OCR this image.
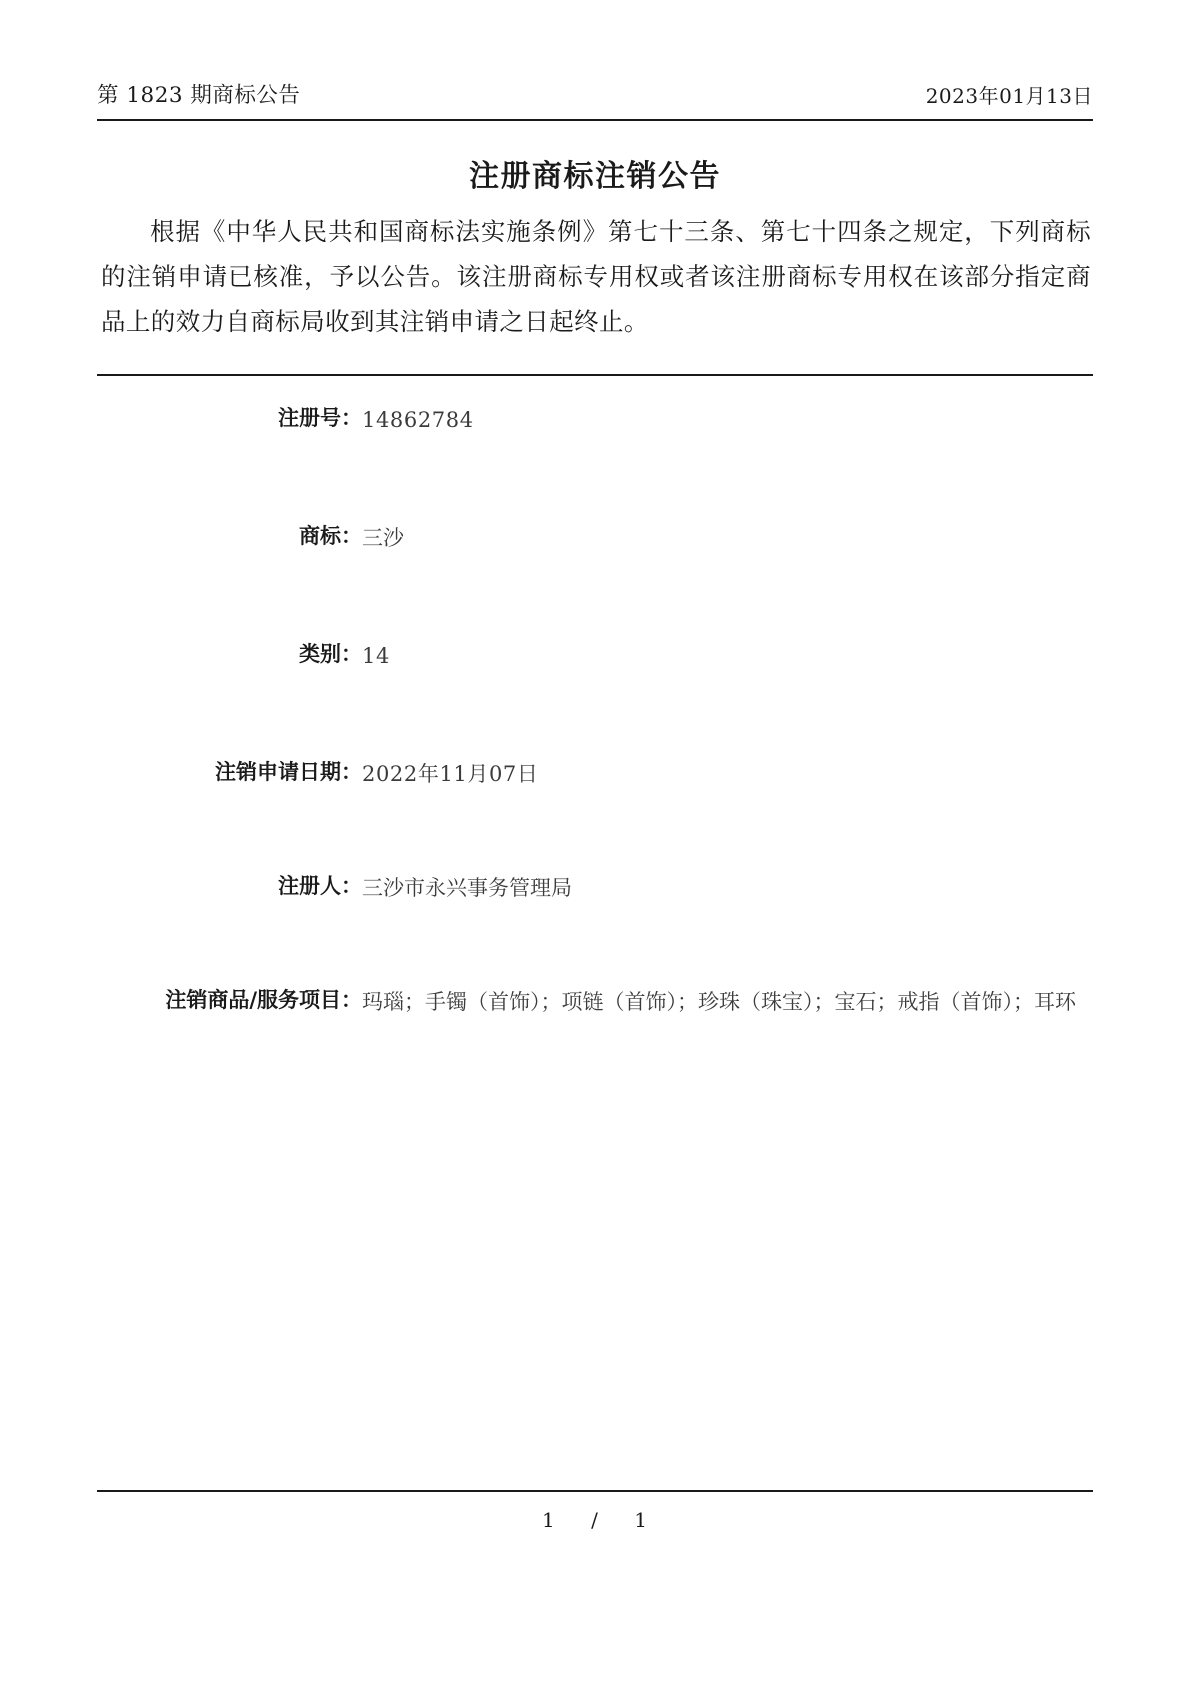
第 1823 期商标公告	2023年01月13日
注册商标注销公告

根据《中华人民共和国商标法实施条例》第七十三条、第七十四条之规定，下列商标的注销申请已核准，予以公告。该注册商标专用权或者该注册商标专用权在该部分指定商品上的效力自商标局收到其注销申请之日起终止。

注册号：	14862784

商标：	三沙

类别：	14

注销申请日期：	2022年11月07日

注册人：	三沙市永兴事务管理局

注销商品/服务项目：	玛瑙；手镯（首饰）；项链（首饰）；珍珠（珠宝）；宝石；戒指（首饰）；耳环
1 / 1
